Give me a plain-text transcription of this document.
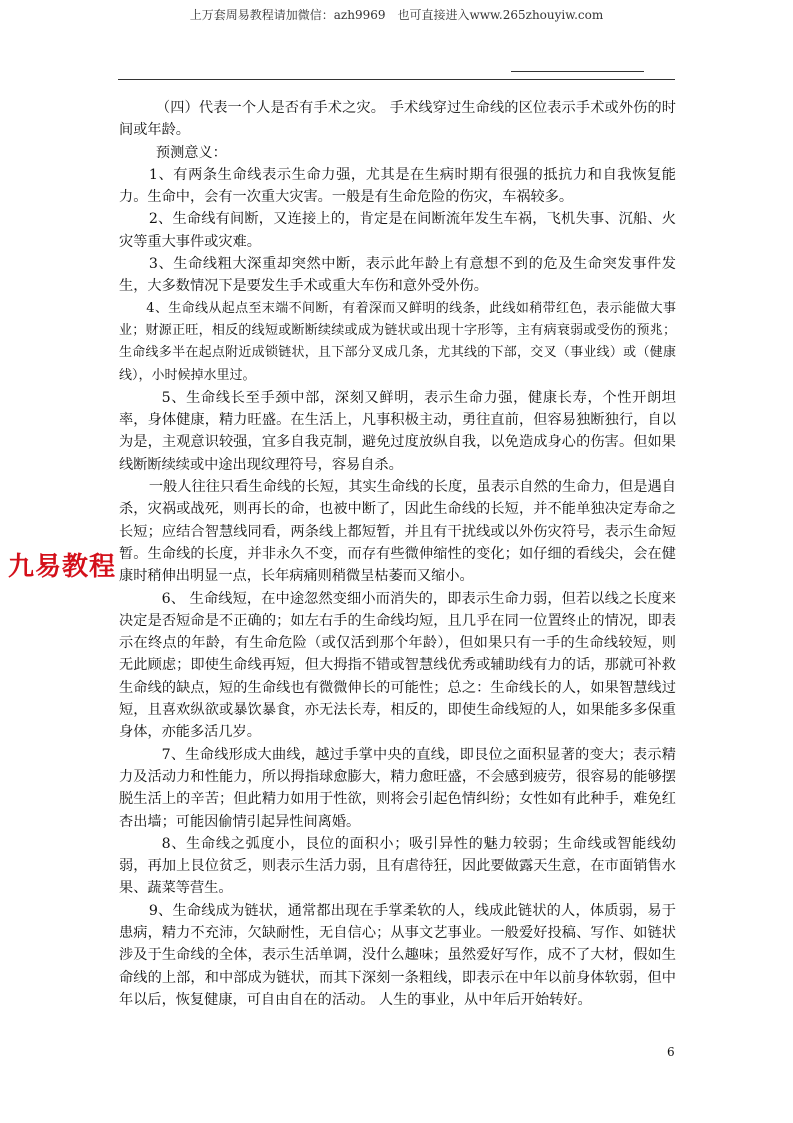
上万套周易教程请加微信：azh9969　也可直接进入www.265zhouyiw.com

（四）代表一个人是否有手术之灾。 手术线穿过生命线的区位表示手术或外伤的时间或年龄。

预测意义：

1、有两条生命线表示生命力强，尤其是在生病时期有很强的抵抗力和自我恢复能力。生命中，会有一次重大灾害。一般是有生命危险的伤灾，车祸较多。

2、生命线有间断，又连接上的，肯定是在间断流年发生车祸，飞机失事、沉船、火灾等重大事件或灾难。

3、生命线粗大深重却突然中断，表示此年龄上有意想不到的危及生命突发事件发生，大多数情况下是要发生手术或重大车伤和意外受外伤。

4、生命线从起点至末端不间断，有着深而又鲜明的线条，此线如稍带红色，表示能做大事业；财源正旺，相反的线短或断断续续或成为链状或出现十字形等，主有病衰弱或受伤的预兆；生命线多半在起点附近成锁链状，且下部分叉成几条，尤其线的下部，交叉（事业线）或（健康线），小时候掉水里过。

5、生命线长至手颈中部，深刻又鲜明，表示生命力强，健康长寿，个性开朗坦率，身体健康，精力旺盛。在生活上，凡事积极主动，勇往直前，但容易独断独行，自以为是，主观意识较强，宜多自我克制，避免过度放纵自我，以免造成身心的伤害。但如果线断断续续或中途出现纹理符号，容易自杀。

一般人往往只看生命线的长短，其实生命线的长度，虽表示自然的生命力，但是遇自杀，灾祸或战死，则再长的命，也被中断了，因此生命线的长短，并不能单独决定寿命之长短；应结合智慧线同看，两条线上都短暂，并且有干扰线或以外伤灾符号，表示生命短暂。生命线的长度，并非永久不变，而存有些微伸缩性的变化；如仔细的看线尖，会在健康时稍伸出明显一点，长年病痛则稍微呈枯萎而又缩小。

6、 生命线短，在中途忽然变细小而消失的，即表示生命力弱，但若以线之长度来决定是否短命是不正确的；如左右手的生命线均短，且几乎在同一位置终止的情况，即表示在终点的年龄，有生命危险（或仅活到那个年龄），但如果只有一手的生命线较短，则无此顾虑；即使生命线再短，但大拇指不错或智慧线优秀或辅助线有力的话，那就可补救生命线的缺点，短的生命线也有微微伸长的可能性；总之：生命线长的人，如果智慧线过短，且喜欢纵欲或暴饮暴食，亦无法长寿，相反的，即使生命线短的人，如果能多多保重身体，亦能多活几岁。

7、生命线形成大曲线，越过手掌中央的直线，即艮位之面积显著的变大；表示精力及活动力和性能力，所以拇指球愈膨大，精力愈旺盛，不会感到疲劳，很容易的能够摆脱生活上的辛苦；但此精力如用于性欲，则将会引起色情纠纷；女性如有此种手，难免红杏出墙；可能因偷情引起异性间离婚。

8、生命线之弧度小，艮位的面积小；吸引异性的魅力较弱；生命线或智能线幼弱，再加上艮位贫乏，则表示生活力弱，且有虐待狂，因此要做露天生意，在市面销售水果、蔬菜等营生。

9、生命线成为链状，通常都出现在手掌柔软的人，线成此链状的人，体质弱，易于患病，精力不充沛，欠缺耐性，无自信心；从事文艺事业。一般爱好投稿、写作、如链状涉及于生命线的全体，表示生活单调，没什么趣味；虽然爱好写作，成不了大材，假如生命线的上部，和中部成为链状，而其下深刻一条粗线，即表示在中年以前身体软弱，但中年以后，恢复健康，可自由自在的活动。 人生的事业，从中年后开始转好。

九易教程
6
